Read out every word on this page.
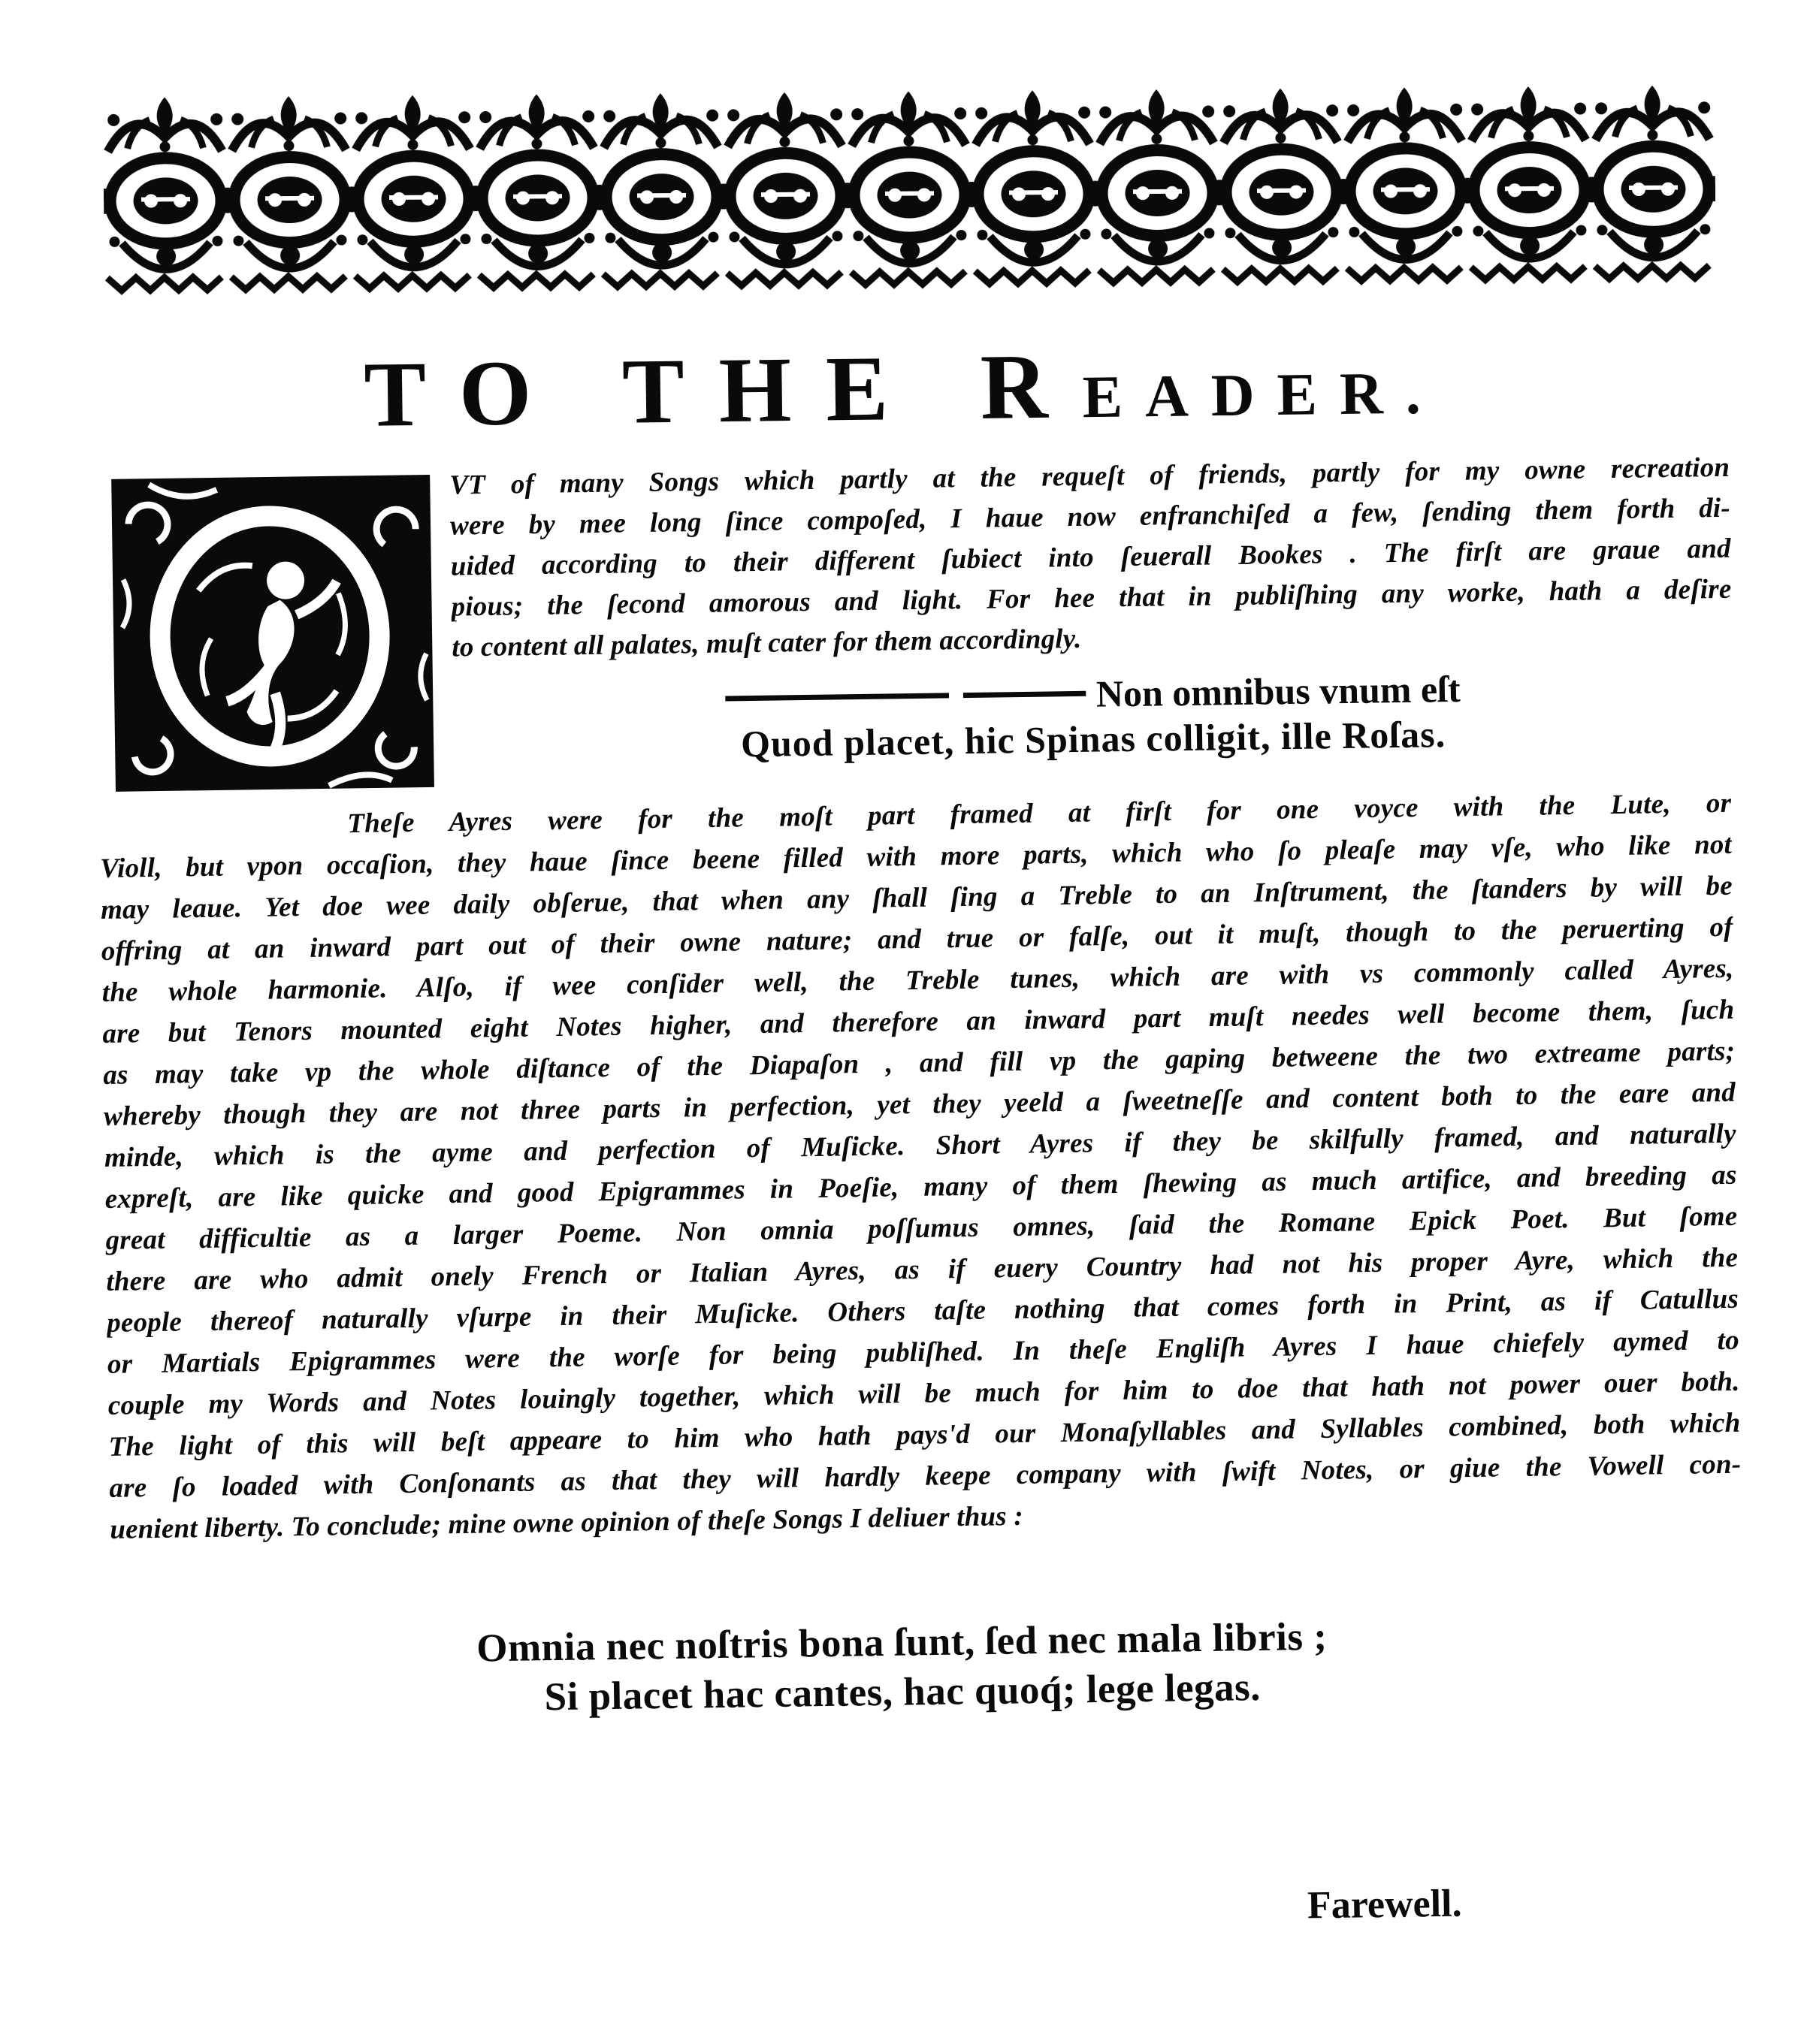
TO THE READER.
VT of many Songs which partly at the requeſt of friends, partly for my owne recreation
were by mee long ſince compoſed, I haue now enfranchiſed a few, ſending them forth di-
uided according to their different ſubiect into ſeuerall Bookes . The firſt are graue and
pious; the ſecond amorous and light. For hee that in publiſhing any worke, hath a deſire
to content all palates, muſt cater for them accordingly.
Non omnibus vnum eſt
Quod placet, hic Spinas colligit, ille Roſas.
Theſe Ayres were for the moſt part framed at firſt for one voyce with the Lute, or
Violl, but vpon occaſion, they haue ſince beene filled with more parts, which who ſo pleaſe may vſe, who like not
may leaue. Yet doe wee daily obſerue, that when any ſhall ſing a Treble to an Inſtrument, the ſtanders by will be
offring at an inward part out of their owne nature; and true or falſe, out it muſt, though to the peruerting of
the whole harmonie. Alſo, if wee conſider well, the Treble tunes, which are with vs commonly called Ayres,
are but Tenors mounted eight Notes higher, and therefore an inward part muſt needes well become them, ſuch
as may take vp the whole diſtance of the Diapaſon , and fill vp the gaping betweene the two extreame parts;
whereby though they are not three parts in perfection, yet they yeeld a ſweetneſſe and content both to the eare and
minde, which is the ayme and perfection of Muſicke. Short Ayres if they be skilfully framed, and naturally
expreſt, are like quicke and good Epigrammes in Poeſie, many of them ſhewing as much artifice, and breeding as
great difficultie as a larger Poeme. Non omnia poſſumus omnes, ſaid the Romane Epick Poet. But ſome
there are who admit onely French or Italian Ayres, as if euery Country had not his proper Ayre, which the
people thereof naturally vſurpe in their Muſicke. Others taſte nothing that comes forth in Print, as if Catullus
or Martials Epigrammes were the worſe for being publiſhed. In theſe Engliſh Ayres I haue chiefely aymed to
couple my Words and Notes louingly together, which will be much for him to doe that hath not power ouer both.
The light of this will beſt appeare to him who hath pays'd our Monaſyllables and Syllables combined, both which
are ſo loaded with Conſonants as that they will hardly keepe company with ſwift Notes, or giue the Vowell con-
uenient liberty. To conclude; mine owne opinion of theſe Songs I deliuer thus :
Omnia nec noſtris bona ſunt, ſed nec mala libris ;
Si placet hac cantes, hac quoq́; lege legas.
Farewell.
